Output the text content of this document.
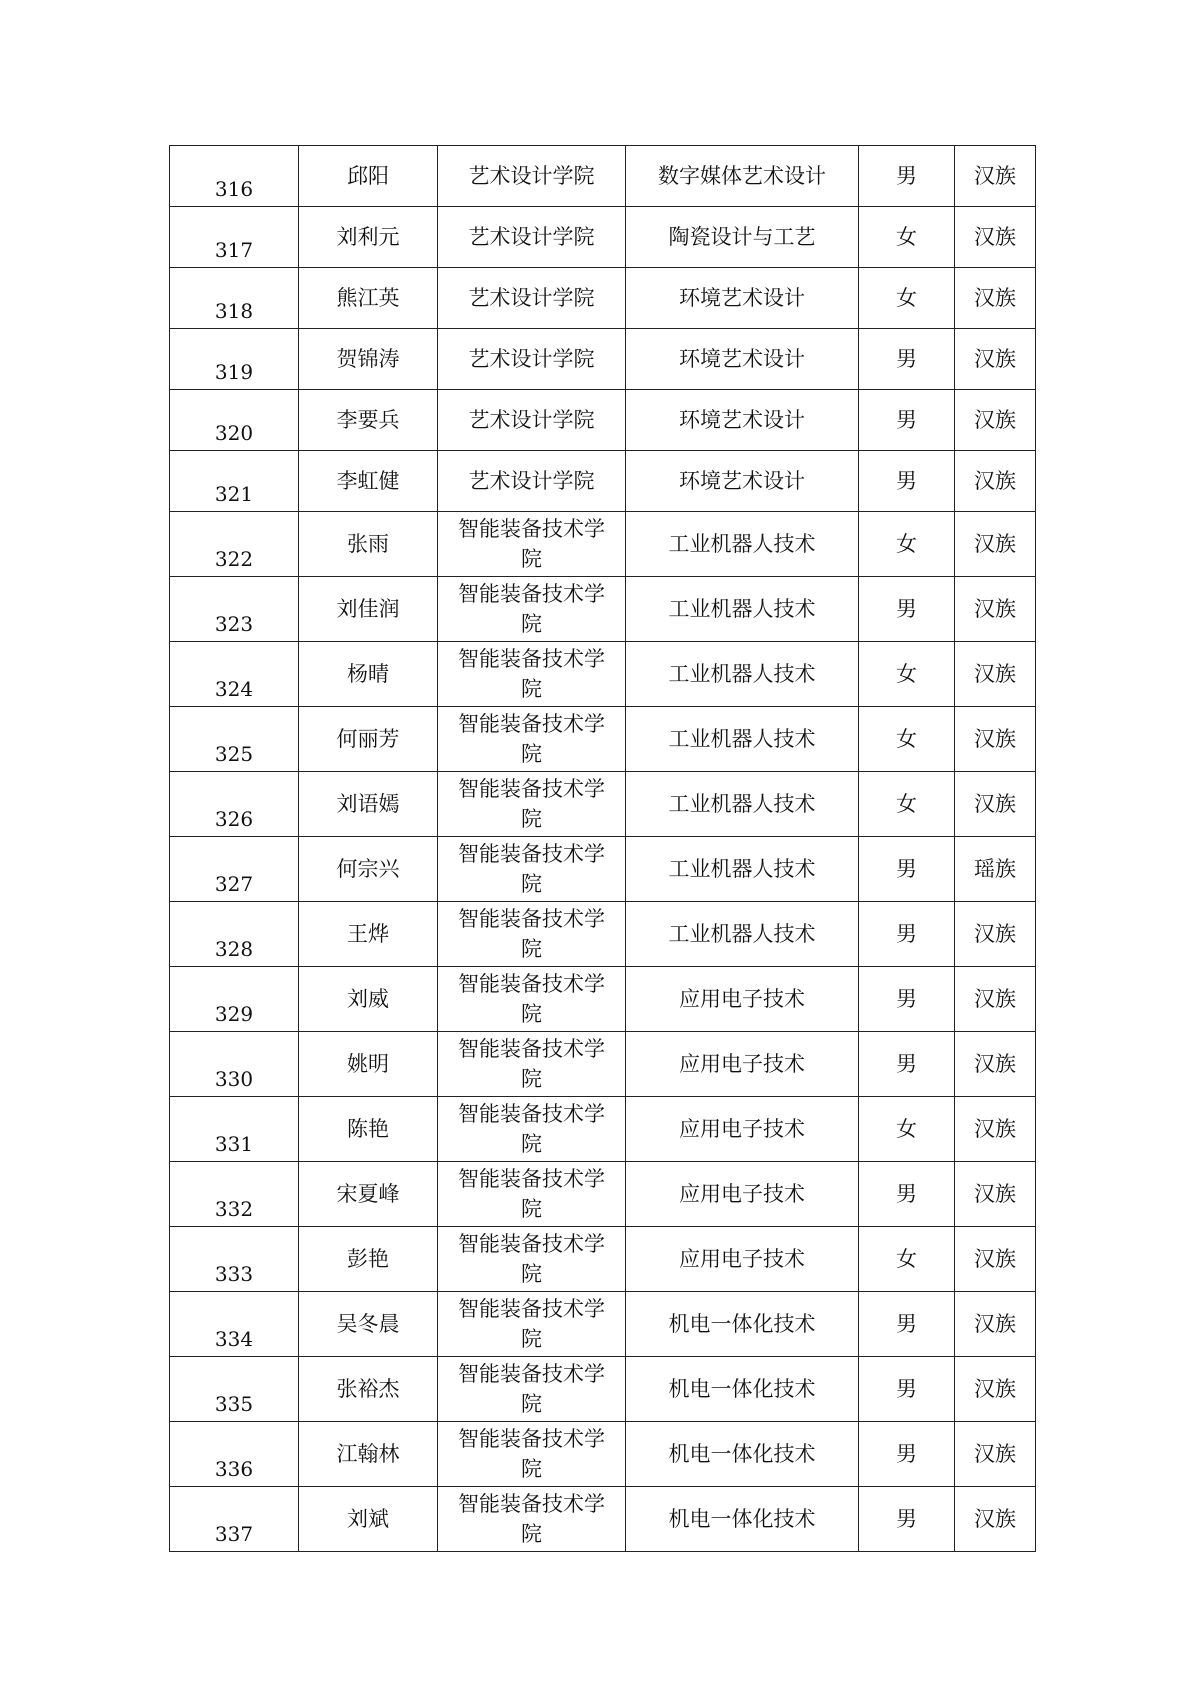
316	邱阳	艺术设计学院	数字媒体艺术设计	男	汉族
317	刘利元	艺术设计学院	陶瓷设计与工艺	女	汉族
318	熊江英	艺术设计学院	环境艺术设计	女	汉族
319	贺锦涛	艺术设计学院	环境艺术设计	男	汉族
320	李要兵	艺术设计学院	环境艺术设计	男	汉族
321	李虹健	艺术设计学院	环境艺术设计	男	汉族
322	张雨	智能装备技术学院	工业机器人技术	女	汉族
323	刘佳润	智能装备技术学院	工业机器人技术	男	汉族
324	杨晴	智能装备技术学院	工业机器人技术	女	汉族
325	何丽芳	智能装备技术学院	工业机器人技术	女	汉族
326	刘语嫣	智能装备技术学院	工业机器人技术	女	汉族
327	何宗兴	智能装备技术学院	工业机器人技术	男	瑶族
328	王烨	智能装备技术学院	工业机器人技术	男	汉族
329	刘威	智能装备技术学院	应用电子技术	男	汉族
330	姚明	智能装备技术学院	应用电子技术	男	汉族
331	陈艳	智能装备技术学院	应用电子技术	女	汉族
332	宋夏峰	智能装备技术学院	应用电子技术	男	汉族
333	彭艳	智能装备技术学院	应用电子技术	女	汉族
334	吴冬晨	智能装备技术学院	机电一体化技术	男	汉族
335	张裕杰	智能装备技术学院	机电一体化技术	男	汉族
336	江翰林	智能装备技术学院	机电一体化技术	男	汉族
337	刘斌	智能装备技术学院	机电一体化技术	男	汉族
